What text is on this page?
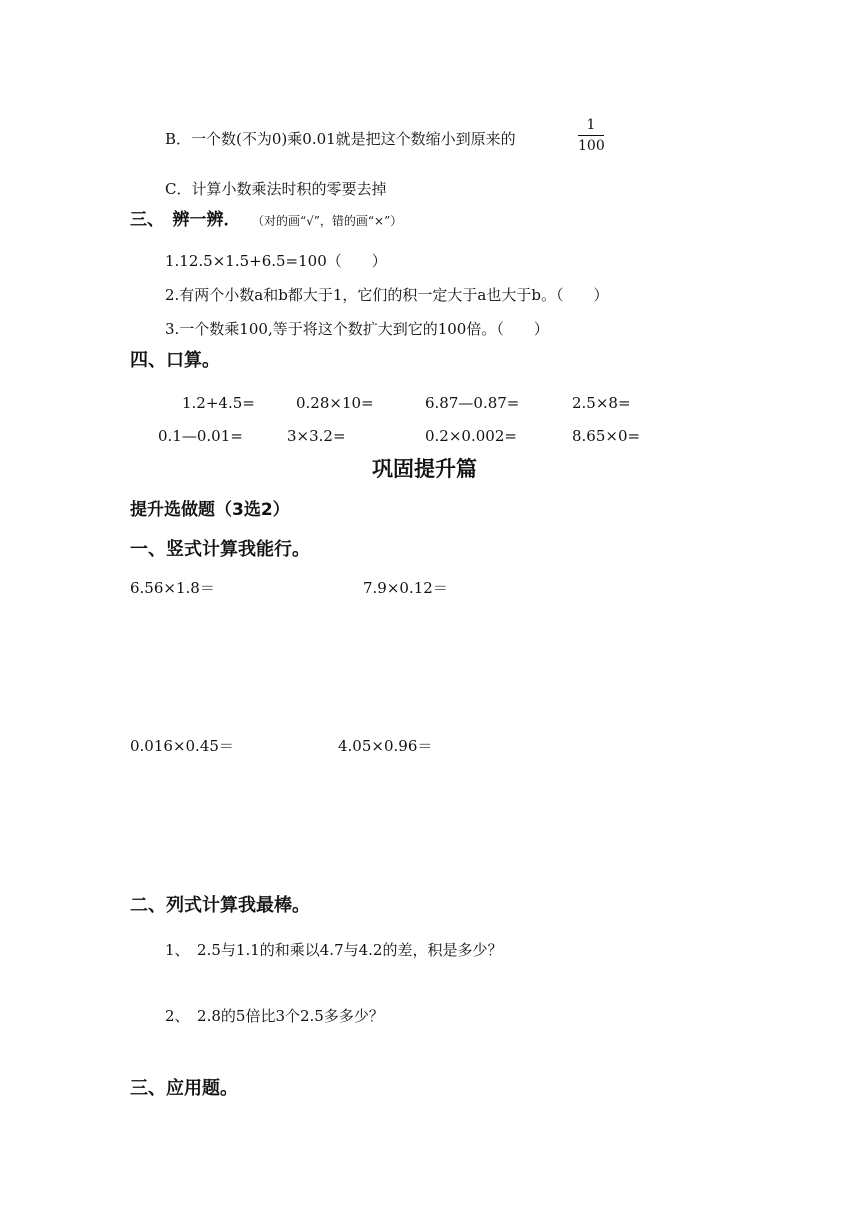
B．一个数(不为0)乘0.01就是把这个数缩小到原来的
1
100
C．计算小数乘法时积的零要去掉
三、　辨一辨． （对的画“√”，错的画“×”）
1.12.5×1.5+6.5=100（　　）
2.有两个小数a和b都大于1，它们的积一定大于a也大于b。（　　）
3.一个数乘100,等于将这个数扩大到它的100倍。（　　）
四、口算。
1.2+4.5=	0.28×10=	6.87—0.87=	2.5×8=
0.1—0.01=	3×3.2=	0.2×0.002=	8.65×0=
巩固提升篇
提升选做题（3选2）
一、竖式计算我能行。
6.56×1.8＝	7.9×0.12＝
0.016×0.45＝	4.05×0.96＝
二、列式计算我最棒。
1、　2.5与1.1的和乘以4.7与4.2的差，积是多少？
2、　2.8的5倍比3个2.5多多少？
三、应用题。
